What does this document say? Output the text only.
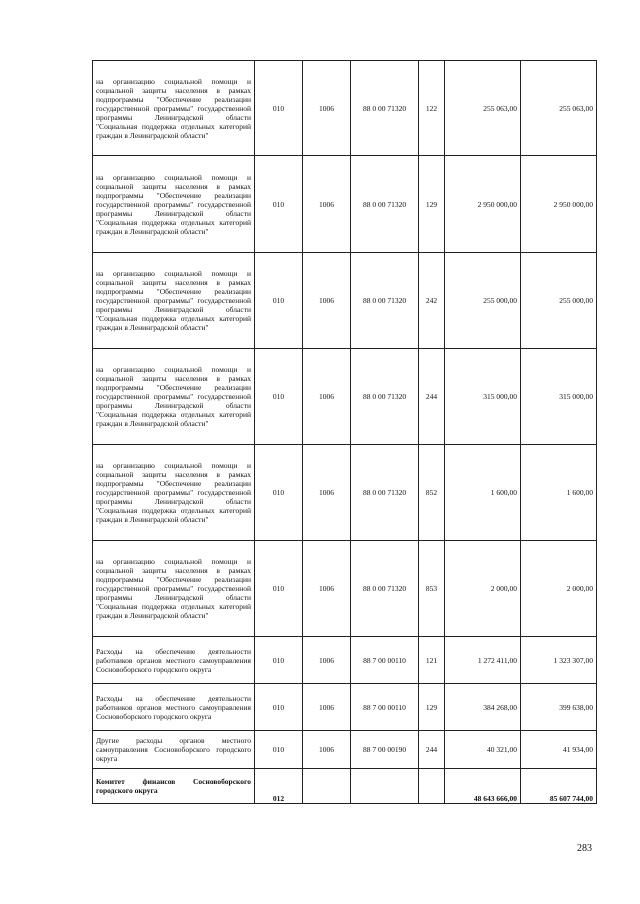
на организацию социальной помощи и социальной защиты населения в рамках подпрограммы "Обеспечение реализации государственной программы" государственной программы Ленинградской области "Социальная поддержка отдельных категорий граждан в Ленинградской области"	010	1006	88 0 00 71320	122	255 063,00	255 063,00
на организацию социальной помощи и социальной защиты населения в рамках подпрограммы "Обеспечение реализации государственной программы" государственной программы Ленинградской области "Социальная поддержка отдельных категорий граждан в Ленинградской области"	010	1006	88 0 00 71320	129	2 950 000,00	2 950 000,00
на организацию социальной помощи и социальной защиты населения в рамках подпрограммы "Обеспечение реализации государственной программы" государственной программы Ленинградской области "Социальная поддержка отдельных категорий граждан в Ленинградской области"	010	1006	88 0 00 71320	242	255 000,00	255 000,00
на организацию социальной помощи и социальной защиты населения в рамках подпрограммы "Обеспечение реализации государственной программы" государственной программы Ленинградской области "Социальная поддержка отдельных категорий граждан в Ленинградской области"	010	1006	88 0 00 71320	244	315 000,00	315 000,00
на организацию социальной помощи и социальной защиты населения в рамках подпрограммы "Обеспечение реализации государственной программы" государственной программы Ленинградской области "Социальная поддержка отдельных категорий граждан в Ленинградской области"	010	1006	88 0 00 71320	852	1 600,00	1 600,00
на организацию социальной помощи и социальной защиты населения в рамках подпрограммы "Обеспечение реализации государственной программы" государственной программы Ленинградской области "Социальная поддержка отдельных категорий граждан в Ленинградской области"	010	1006	88 0 00 71320	853	2 000,00	2 000,00
Расходы на обеспечение деятельности работников органов местного самоуправления Сосновоборского городского округа	010	1006	88 7 00 00110	121	1 272 411,00	1 323 307,00
Расходы на обеспечение деятельности работников органов местного самоуправления Сосновоборского городского округа	010	1006	88 7 00 00110	129	384 268,00	399 638,00
Другие расходы органов местного самоуправления Сосновоборского городского округа	010	1006	88 7 00 00190	244	40 321,00	41 934,00
Комитет финансов Сосновоборского городского округа	012				48 643 666,00	85 607 744,00
283
